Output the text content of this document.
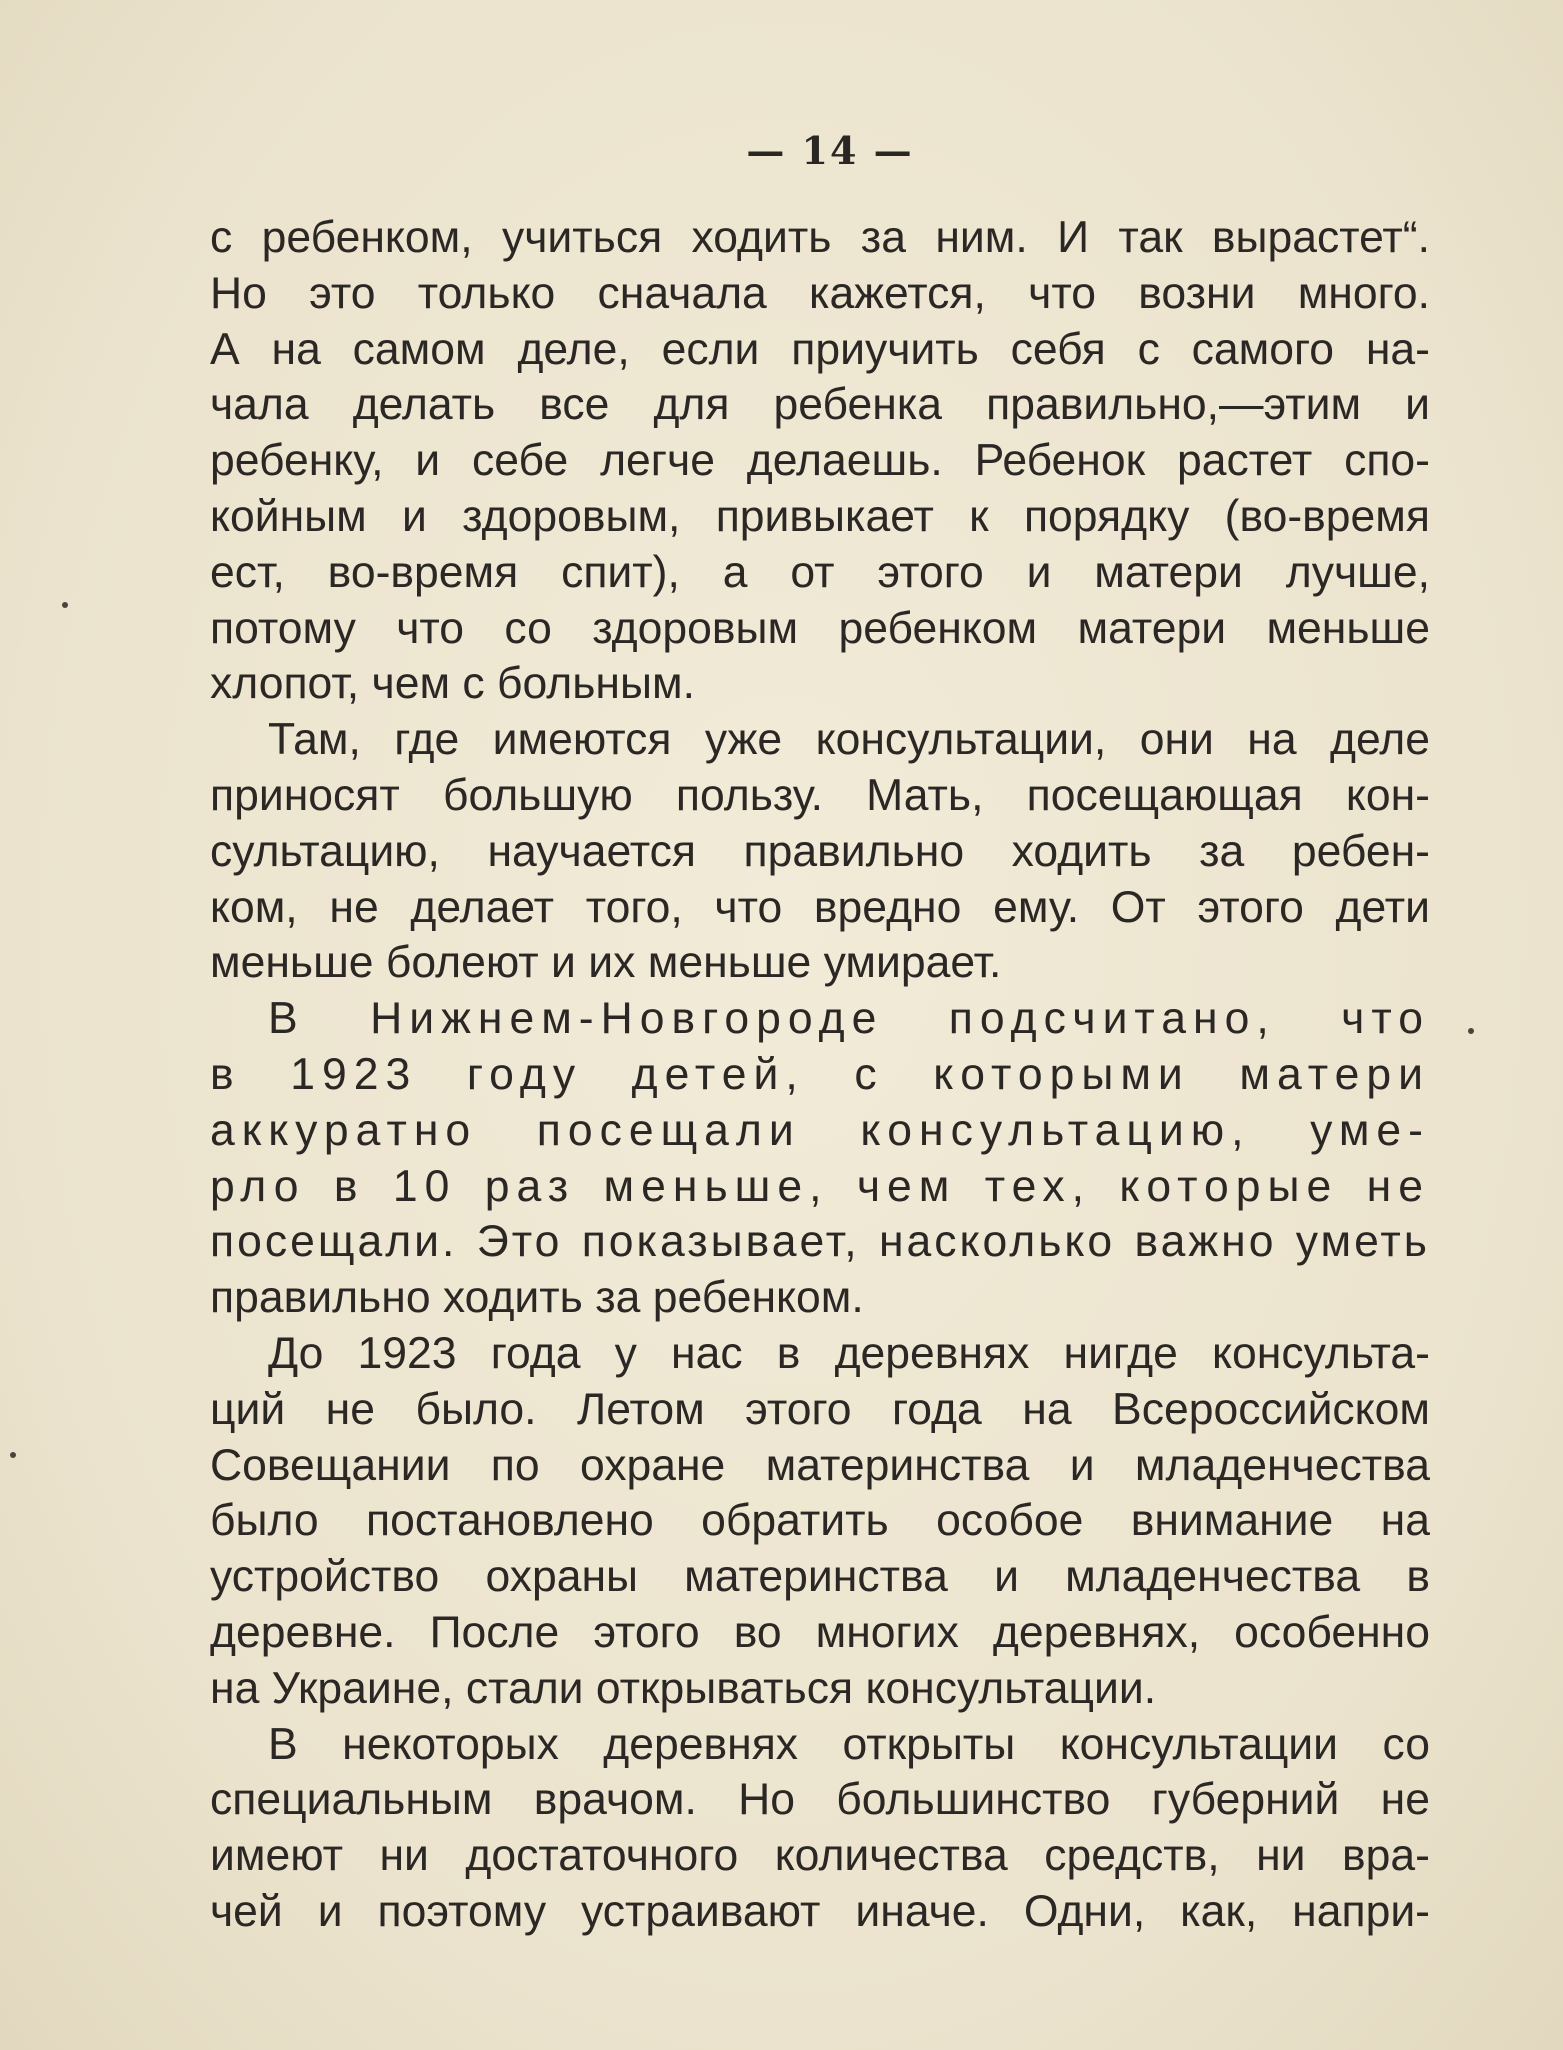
— 14 —
с ребенком, учиться ходить за ним. И так вырастет“.
Но это только сначала кажется, что возни много.
А на самом деле, если приучить себя с самого на-
чала делать все для ребенка правильно,—этим и
ребенку, и себе легче делаешь. Ребенок растет спо-
койным и здоровым, привыкает к порядку (во-время
ест, во-время спит), а от этого и матери лучше,
потому что со здоровым ребенком матери меньше
хлопот, чем с больным.
Там, где имеются уже консультации, они на деле
приносят большую пользу. Мать, посещающая кон-
сультацию, научается правильно ходить за ребен-
ком, не делает того, что вредно ему. От этого дети
меньше болеют и их меньше умирает.
В Нижнем-Новгороде подсчитано, что
в 1923 году детей, с которыми матери
аккуратно посещали консультацию, уме-
рло в 10 раз меньше, чем тех, которые не
посещали. Это показывает, насколько важно уметь
правильно ходить за ребенком.
До 1923 года у нас в деревнях нигде консульта-
ций не было. Летом этого года на Всероссийском
Совещании по охране материнства и младенчества
было постановлено обратить особое внимание на
устройство охраны материнства и младенчества в
деревне. После этого во многих деревнях, особенно
на Украине, стали открываться консультации.
В некоторых деревнях открыты консультации со
специальным врачом. Но большинство губерний не
имеют ни достаточного количества средств, ни вра-
чей и поэтому устраивают иначе. Одни, как, напри-
